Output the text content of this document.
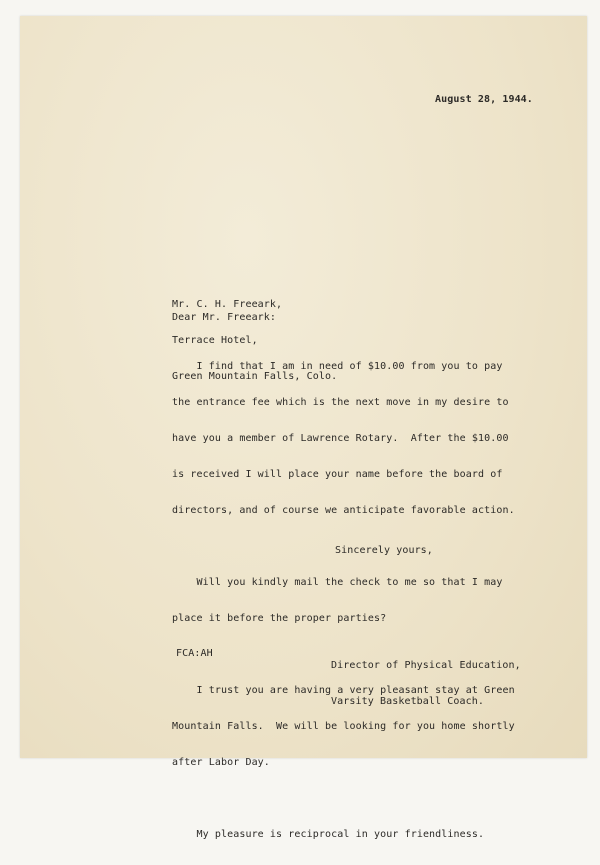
August 28, 1944.

Mr. C. H. Freeark,

Terrace Hotel,

Green Mountain Falls, Colo.

Dear Mr. Freeark:

I find that I am in need of $10.00 from you to pay

the entrance fee which is the next move in my desire to

have you a member of Lawrence Rotary.  After the $10.00

is received I will place your name before the board of

directors, and of course we anticipate favorable action.

Will you kindly mail the check to me so that I may

place it before the proper parties?

I trust you are having a very pleasant stay at Green

Mountain Falls.  We will be looking for you home shortly

after Labor Day.

My pleasure is reciprocal in your friendliness.

Sincerely yours,

Director of Physical Education,

Varsity Basketball Coach.

FCA:AH
